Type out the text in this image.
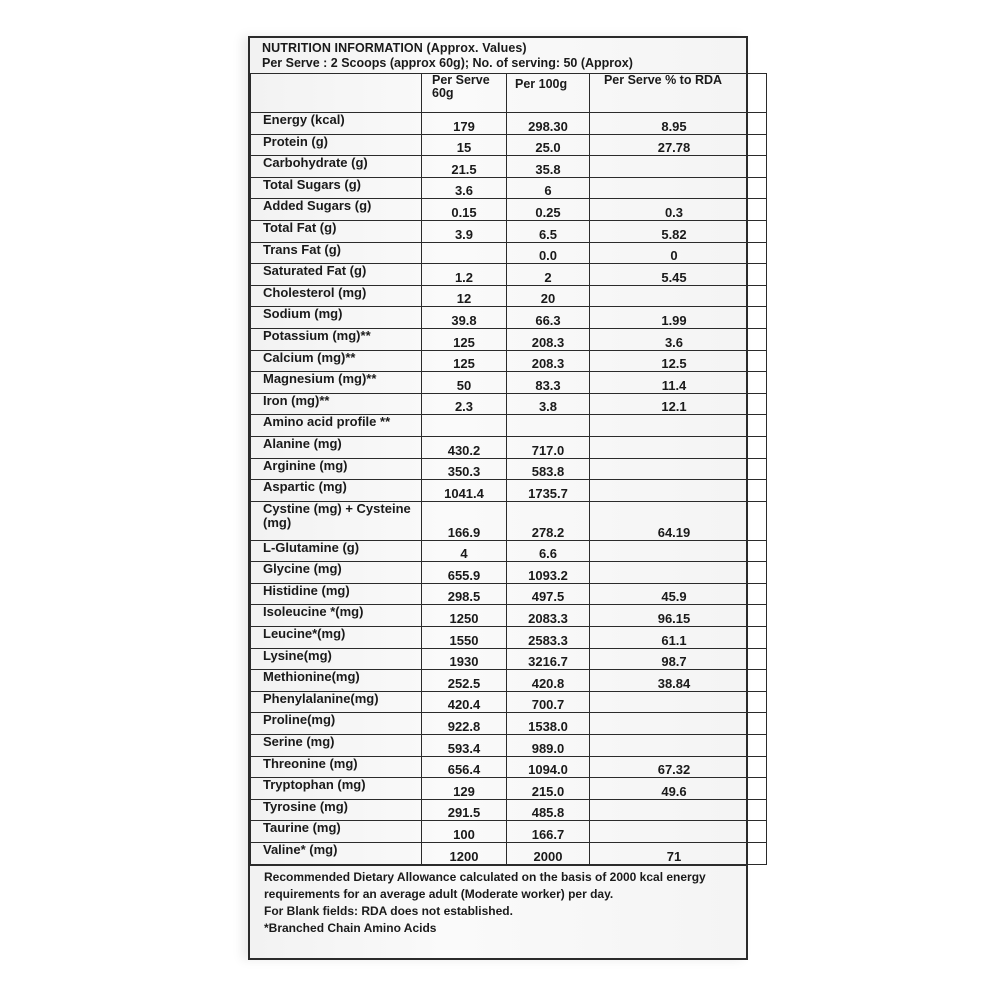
NUTRITION INFORMATION (Approx. Values)
Per Serve : 2 Scoops (approx 60g); No. of serving: 50 (Approx)
	Per Serve 60g	Per 100g	Per Serve % to RDA
Energy (kcal)	179	298.30	8.95
Protein (g)	15	25.0	27.78
Carbohydrate (g)	21.5	35.8	
Total Sugars (g)	3.6	6	
Added Sugars (g)	0.15	0.25	0.3
Total Fat (g)	3.9	6.5	5.82
Trans Fat (g)		0.0	0
Saturated Fat (g)	1.2	2	5.45
Cholesterol (mg)	12	20	
Sodium (mg)	39.8	66.3	1.99
Potassium (mg)**	125	208.3	3.6
Calcium (mg)**	125	208.3	12.5
Magnesium (mg)**	50	83.3	11.4
Iron (mg)**	2.3	3.8	12.1
Amino acid profile **			
Alanine (mg)	430.2	717.0	
Arginine (mg)	350.3	583.8	
Aspartic (mg)	1041.4	1735.7	
Cystine (mg) + Cysteine (mg)	166.9	278.2	64.19
L-Glutamine (g)	4	6.6	
Glycine (mg)	655.9	1093.2	
Histidine (mg)	298.5	497.5	45.9
Isoleucine *(mg)	1250	2083.3	96.15
Leucine*(mg)	1550	2583.3	61.1
Lysine(mg)	1930	3216.7	98.7
Methionine(mg)	252.5	420.8	38.84
Phenylalanine(mg)	420.4	700.7	
Proline(mg)	922.8	1538.0	
Serine (mg)	593.4	989.0	
Threonine (mg)	656.4	1094.0	67.32
Tryptophan (mg)	129	215.0	49.6
Tyrosine (mg)	291.5	485.8	
Taurine (mg)	100	166.7	
Valine* (mg)	1200	2000	71
Recommended Dietary Allowance calculated on the basis of 2000 kcal energy requirements for an average adult (Moderate worker) per day.
For Blank fields: RDA does not established.
*Branched Chain Amino Acids
